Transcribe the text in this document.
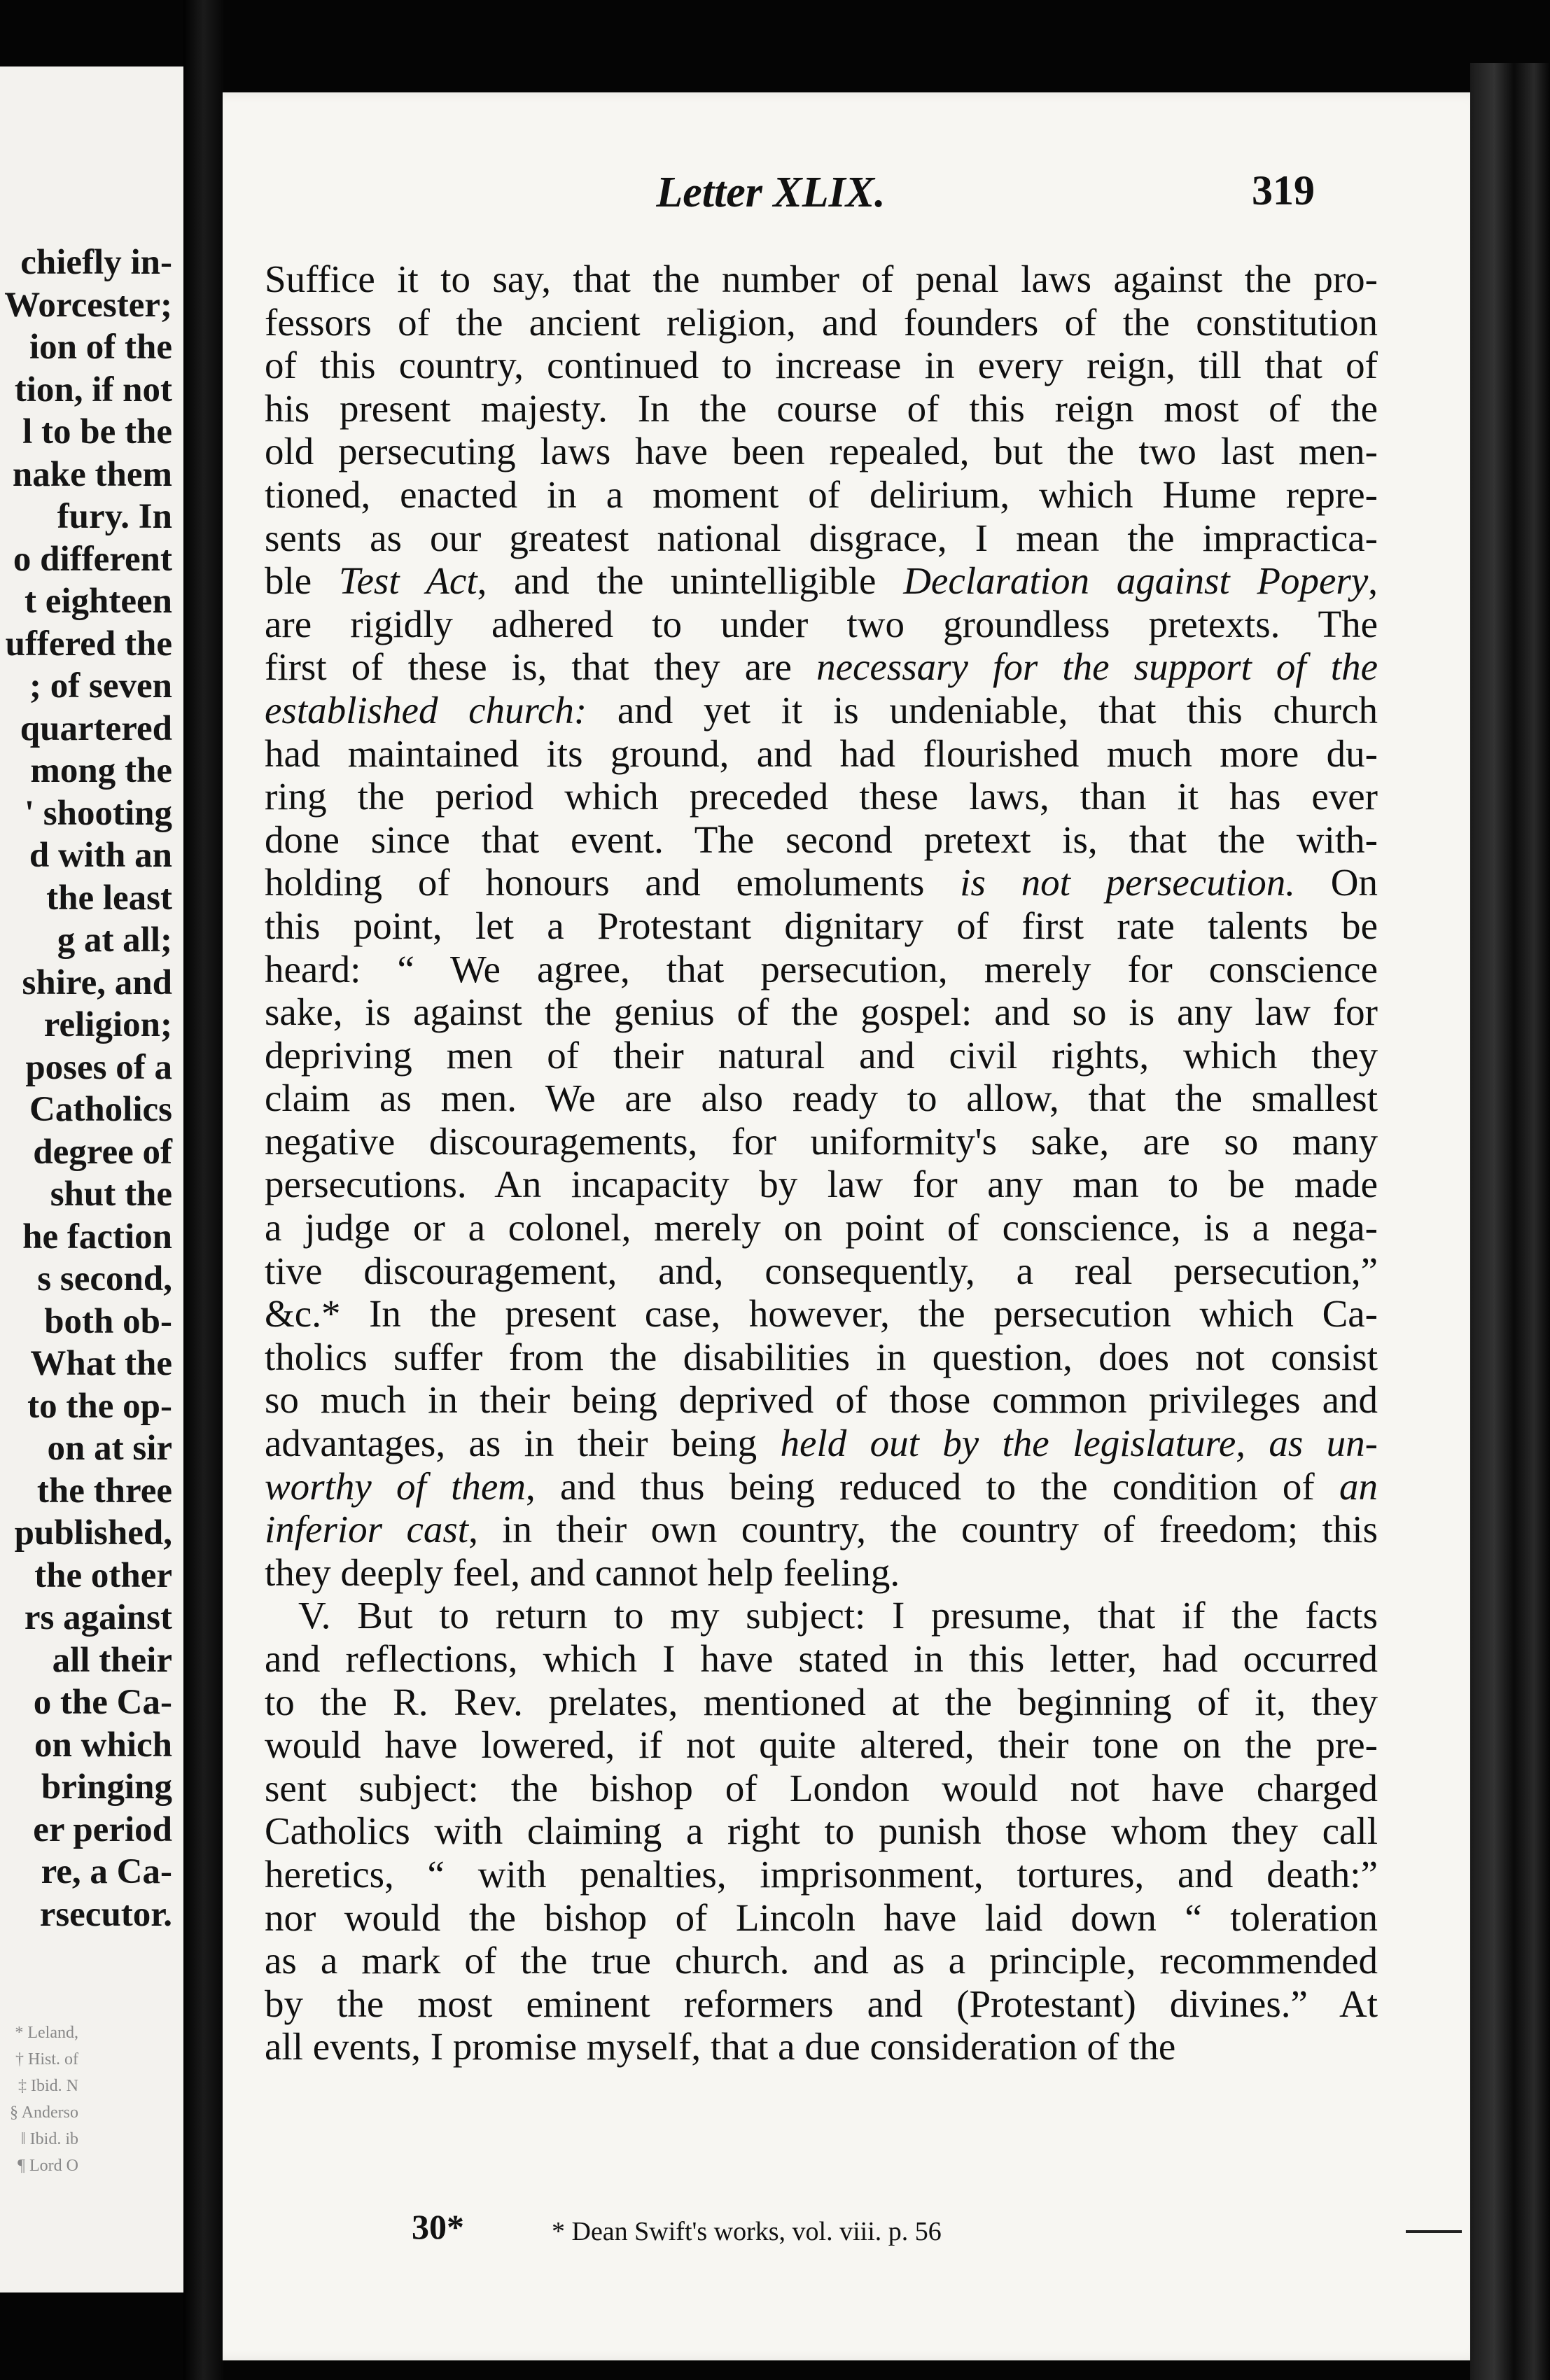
chiefly in-
Worcester;
ion of the
tion, if not
l to be the
nake them
fury. In
o different
t eighteen
uffered the
; of seven
quartered
mong the
' shooting
d with an
the least
g at all;
shire, and
religion;
poses of a
Catholics
degree of
shut the
he faction
s second,
both ob-
What the
to the op-
on at sir
the three
published,
the other
rs against
all their
o the Ca-
on which
bringing
er period
re, a Ca-
rsecutor.
* Leland,
† Hist. of
‡ Ibid. N
§ Anderso
‖ Ibid. ib
¶ Lord O
Letter XLIX.	319
Suffice it to say, that the number of penal laws against the pro-
fessors of the ancient religion, and founders of the constitution
of this country, continued to increase in every reign, till that of
his present majesty. In the course of this reign most of the
old persecuting laws have been repealed, but the two last men-
tioned, enacted in a moment of delirium, which Hume repre-
sents as our greatest national disgrace, I mean the impractica-
ble Test Act, and the unintelligible Declaration against Popery,
are rigidly adhered to under two groundless pretexts. The
first of these is, that they are necessary for the support of the
established church: and yet it is undeniable, that this church
had maintained its ground, and had flourished much more du-
ring the period which preceded these laws, than it has ever
done since that event. The second pretext is, that the with-
holding of honours and emoluments is not persecution. On
this point, let a Protestant dignitary of first rate talents be
heard: “ We agree, that persecution, merely for conscience
sake, is against the genius of the gospel: and so is any law for
depriving men of their natural and civil rights, which they
claim as men. We are also ready to allow, that the smallest
negative discouragements, for uniformity's sake, are so many
persecutions. An incapacity by law for any man to be made
a judge or a colonel, merely on point of conscience, is a nega-
tive discouragement, and, consequently, a real persecution,”
&c.* In the present case, however, the persecution which Ca-
tholics suffer from the disabilities in question, does not consist
so much in their being deprived of those common privileges and
advantages, as in their being held out by the legislature, as un-
worthy of them, and thus being reduced to the condition of an
inferior cast, in their own country, the country of freedom; this
they deeply feel, and cannot help feeling.
V. But to return to my subject: I presume, that if the facts
and reflections, which I have stated in this letter, had occurred
to the R. Rev. prelates, mentioned at the beginning of it, they
would have lowered, if not quite altered, their tone on the pre-
sent subject: the bishop of London would not have charged
Catholics with claiming a right to punish those whom they call
heretics, “ with penalties, imprisonment, tortures, and death:”
nor would the bishop of Lincoln have laid down “ toleration
as a mark of the true church. and as a principle, recommended
by the most eminent reformers and (Protestant) divines.” At
all events, I promise myself, that a due consideration of the
30*	* Dean Swift's works, vol. viii. p. 56
